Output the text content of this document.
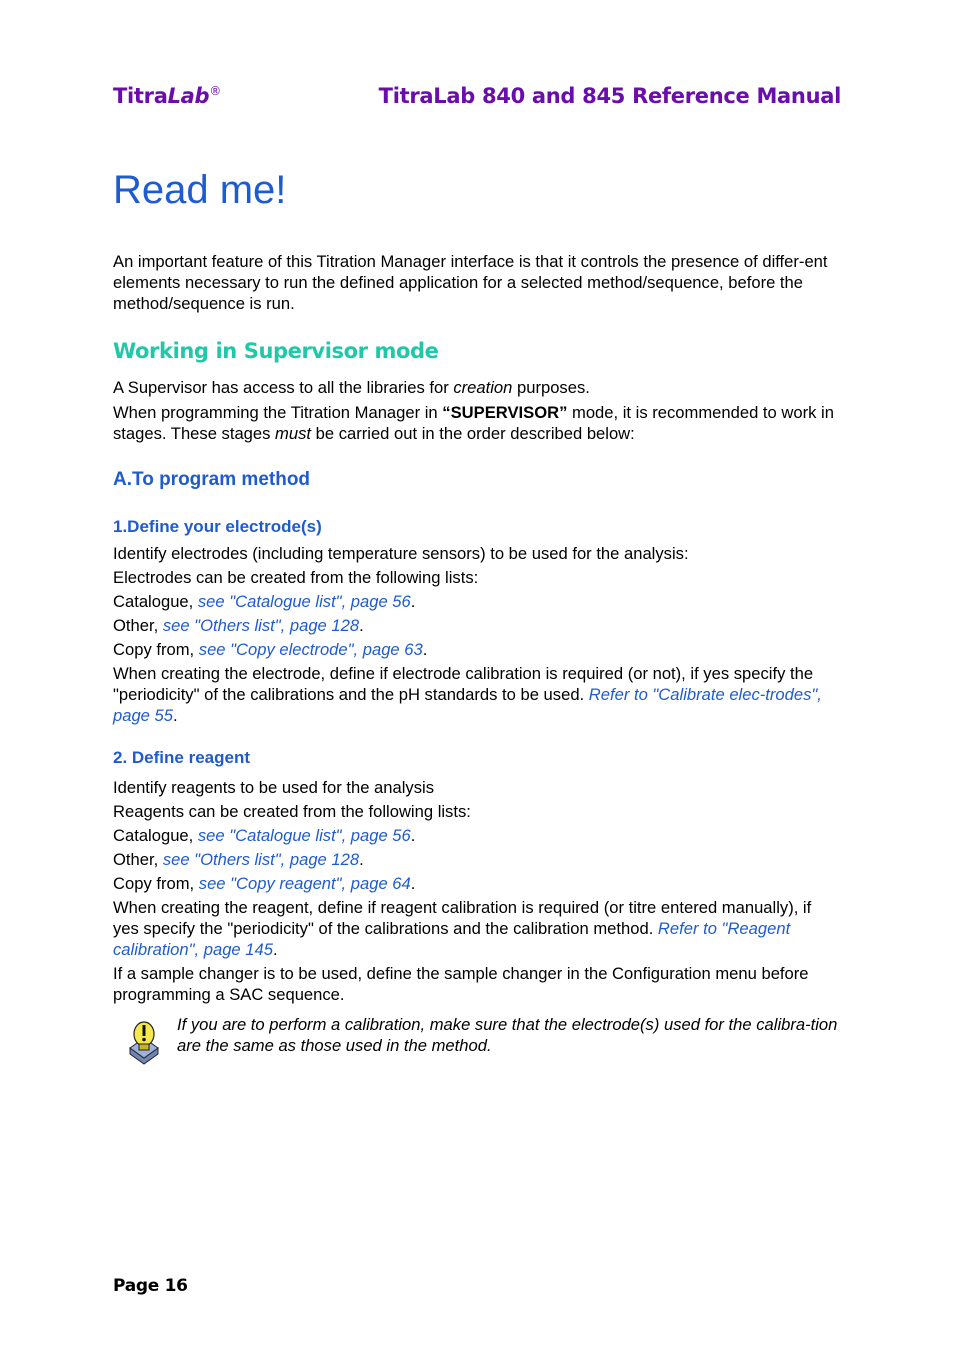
TitraLab®	TitraLab 840 and 845 Reference Manual
Read me!

An important feature of this Titration Manager interface is that it controls the presence of differ-ent elements necessary to run the defined application for a selected method/sequence, before the method/sequence is run.

Working in Supervisor mode

A Supervisor has access to all the libraries for creation purposes.

When programming the Titration Manager in “SUPERVISOR” mode, it is recommended to work in stages. These stages must be carried out in the order described below:

A.To program method
1.Define your electrode(s)

Identify electrodes (including temperature sensors) to be used for the analysis:

Electrodes can be created from the following lists:

Catalogue, see "Catalogue list", page 56.

Other, see "Others list", page 128.

Copy from, see "Copy electrode", page 63.

When creating the electrode, define if electrode calibration is required (or not), if yes specify the "periodicity" of the calibrations and the pH standards to be used. Refer to "Calibrate elec-trodes", page 55.

2. Define reagent

Identify reagents to be used for the analysis

Reagents can be created from the following lists:

Catalogue, see "Catalogue list", page 56.

Other, see "Others list", page 128.

Copy from, see "Copy reagent", page 64.

When creating the reagent, define if reagent calibration is required (or titre entered manually), if yes specify the "periodicity" of the calibrations and the calibration method. Refer to "Reagent calibration", page 145.

If a sample changer is to be used, define the sample changer in the Configuration menu before programming a SAC sequence.

If you are to perform a calibration, make sure that the electrode(s) used for the calibra-tion are the same as those used in the method.

Page 16
